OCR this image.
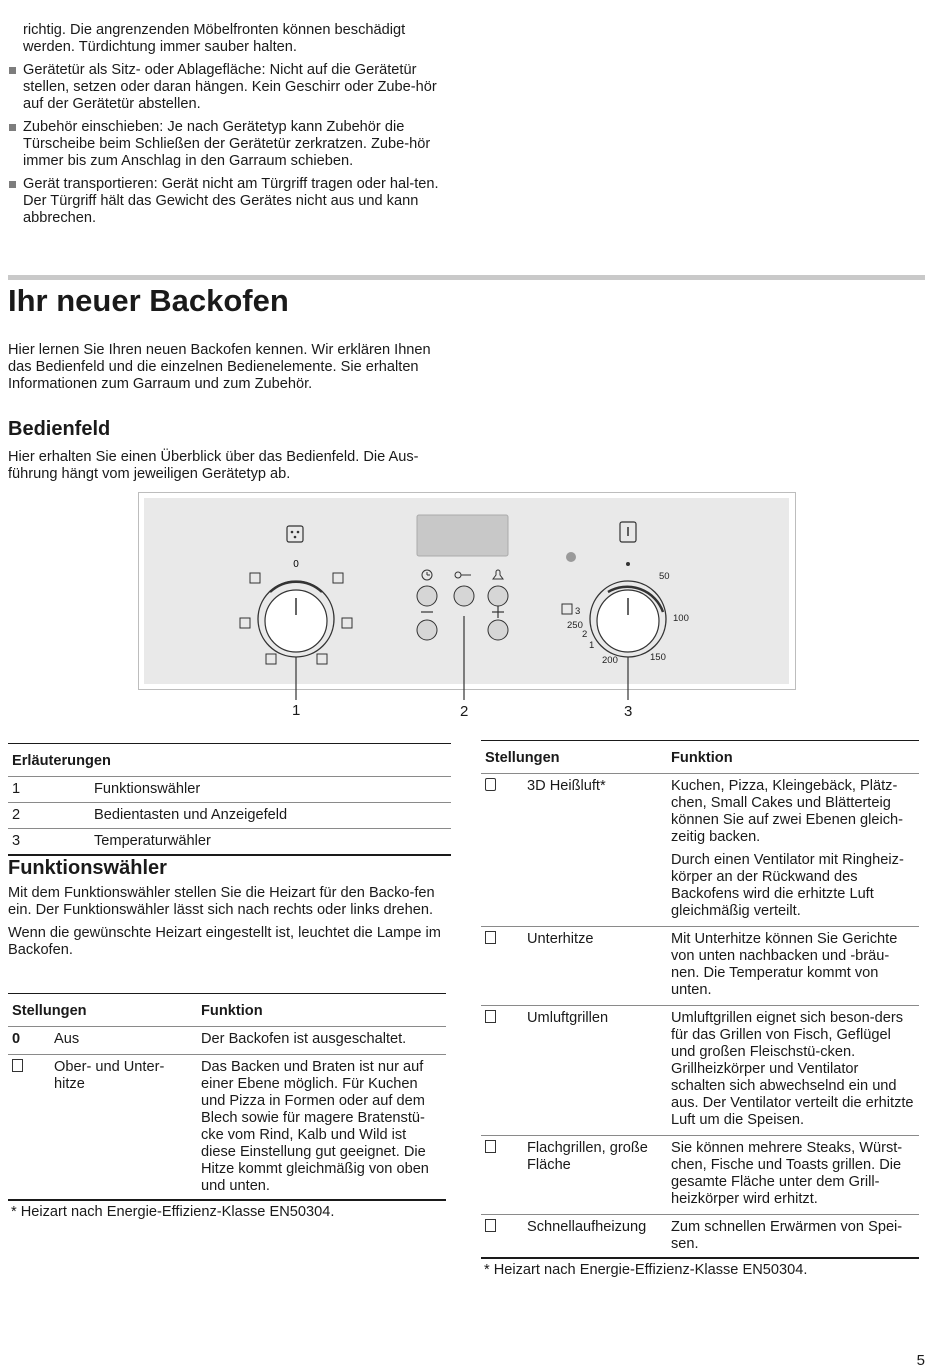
richtig. Die angrenzenden Möbelfronten können beschädigt werden. Türdichtung immer sauber halten.

Gerätetür als Sitz- oder Ablagefläche: Nicht auf die Gerätetür stellen, setzen oder daran hängen. Kein Geschirr oder Zube-hör auf der Gerätetür abstellen.
Zubehör einschieben: Je nach Gerätetyp kann Zubehör die Türscheibe beim Schließen der Gerätetür zerkratzen. Zube-hör immer bis zum Anschlag in den Garraum schieben.
Gerät transportieren: Gerät nicht am Türgriff tragen oder hal-ten. Der Türgriff hält das Gewicht des Gerätes nicht aus und kann abbrechen.
Ihr neuer Backofen

Hier lernen Sie Ihren neuen Backofen kennen. Wir erklären Ihnen das Bedienfeld und die einzelnen Bedienelemente. Sie erhalten Informationen zum Garraum und zum Zubehör.

Bedienfeld

Hier erhalten Sie einen Überblick über das Bedienfeld. Die Aus-führung hängt vom jeweiligen Gerätetyp ab.

0
50
100
150
200
250
3
2
1
1	2	3
Erläuterungen	
1	Funktionswähler
2	Bedientasten und Anzeigefeld
3	Temperaturwähler
Funktionswähler

Mit dem Funktionswähler stellen Sie die Heizart für den Backo-fen ein. Der Funktionswähler lässt sich nach rechts oder links drehen.

Wenn die gewünschte Heizart eingestellt ist, leuchtet die Lampe im Backofen.

Stellungen	Funktion
0 Aus	Der Backofen ist ausgeschaltet.

Ober- und Unter-hitze	Das Backen und Braten ist nur auf einer Ebene möglich. Für Kuchen und Pizza in Formen oder auf dem Blech sowie für magere Bratenstü-cke vom Rind, Kalb und Wild ist diese Einstellung gut geeignet. Die Hitze kommt gleichmäßig von oben und unten.
* Heizart nach Energie-Effizienz-Klasse EN50304.
Stellungen	Funktion

3D Heißluft*	Kuchen, Pizza, Kleingebäck, Plätz-chen, Small Cakes und Blätterteig können Sie auf zwei Ebenen gleich-zeitig backen.

Durch einen Ventilator mit Ringheiz-körper an der Rückwand des Backofens wird die erhitzte Luft gleichmäßig verteilt.

Unterhitze	Mit Unterhitze können Sie Gerichte von unten nachbacken und -bräu-nen. Die Temperatur kommt von unten.

Umluftgrillen	Umluftgrillen eignet sich beson-ders für das Grillen von Fisch, Geflügel und großen Fleischstü-cken. Grillheizkörper und Ventilator schalten sich abwechselnd ein und aus. Der Ventilator verteilt die erhitzte Luft um die Speisen.

Flachgrillen, große Fläche	Sie können mehrere Steaks, Würst-chen, Fische und Toasts grillen. Die gesamte Fläche unter dem Grill-heizkörper wird erhitzt.

Schnellaufheizung	Zum schnellen Erwärmen von Spei-sen.
* Heizart nach Energie-Effizienz-Klasse EN50304.
5
